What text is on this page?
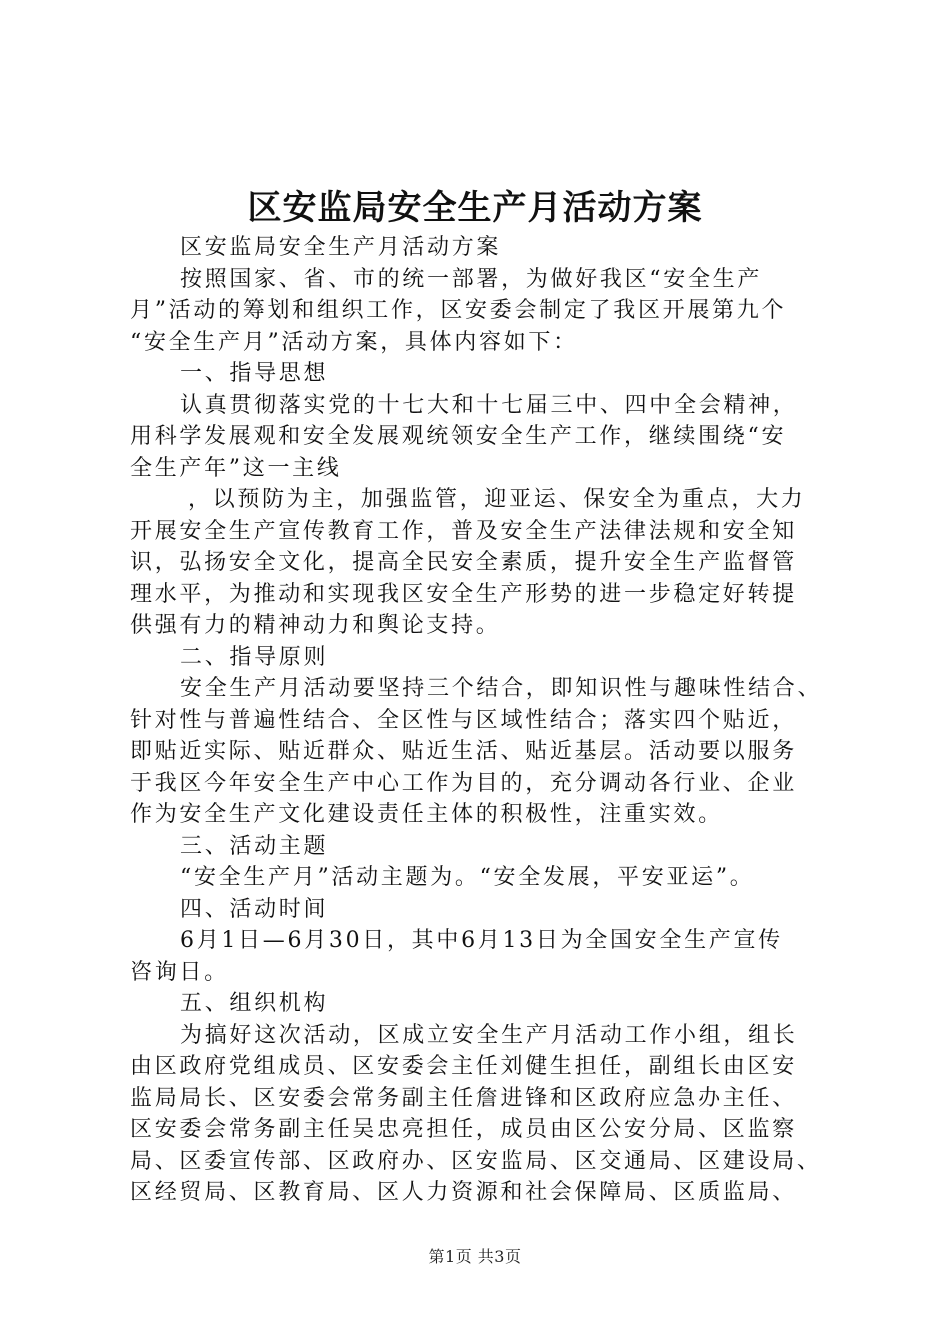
区安监局安全生产月活动方案
区安监局安全生产月活动方案
按照国家、省、市的统一部署，为做好我区“安全生产
月”活动的筹划和组织工作，区安委会制定了我区开展第九个
“安全生产月”活动方案，具体内容如下：
一、指导思想
认真贯彻落实党的十七大和十七届三中、四中全会精神，
用科学发展观和安全发展观统领安全生产工作，继续围绕“安
全生产年”这一主线
，以预防为主，加强监管，迎亚运、保安全为重点，大力
开展安全生产宣传教育工作，普及安全生产法律法规和安全知
识，弘扬安全文化，提高全民安全素质，提升安全生产监督管
理水平，为推动和实现我区安全生产形势的进一步稳定好转提
供强有力的精神动力和舆论支持。
二、指导原则
安全生产月活动要坚持三个结合，即知识性与趣味性结合、
针对性与普遍性结合、全区性与区域性结合；落实四个贴近，
即贴近实际、贴近群众、贴近生活、贴近基层。活动要以服务
于我区今年安全生产中心工作为目的，充分调动各行业、企业
作为安全生产文化建设责任主体的积极性，注重实效。
三、活动主题
“安全生产月”活动主题为。“安全发展，平安亚运”。
四、活动时间
6月1日—6月30日，其中6月13日为全国安全生产宣传
咨询日。
五、组织机构
为搞好这次活动，区成立安全生产月活动工作小组，组长
由区政府党组成员、区安委会主任刘健生担任，副组长由区安
监局局长、区安委会常务副主任詹进锋和区政府应急办主任、
区安委会常务副主任吴忠亮担任，成员由区公安分局、区监察
局、区委宣传部、区政府办、区安监局、区交通局、区建设局、
区经贸局、区教育局、区人力资源和社会保障局、区质监局、
第1页 共3页
